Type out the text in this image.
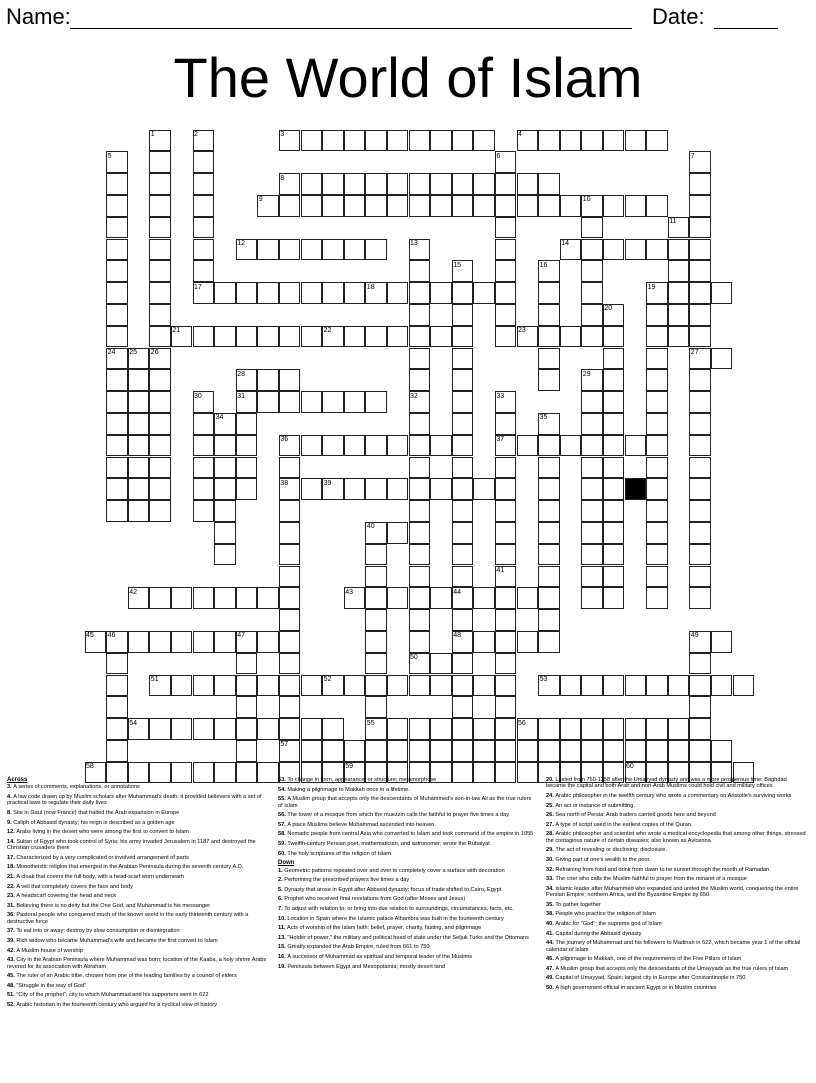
Name:	Date:
The World of Islam
1	2	3	4
5	6	7
8
9	10
11
12	13	14
15	16
17	18	19
20
21	22	23
24 25 26	27
28	29
30	31	32	33
34	35
36	37
38	39
40
41
42	43	44
45 46	47	48	49
50
51	52	53
54	55	56
57
58	59	60
Across
3. A series of comments, explanations, or annotations
4. A law code drawn up by Muslim scholars after Muhammad's death; it provided believers with a set of practical laws to regulate their daily lives
8. Site in Gaul (now France) that halted the Arab expansion in Europe
9. Caliph of Abbasid dynasty; his reign is described as a golden age
12. Arabs living in the desert who were among the first to convert to Islam
14. Sultan of Egypt who took control of Syria; his army invaded Jerusalem in 1187 and destroyed the Christian crusaders there
17. Characterized by a very complicated or involved arrangement of parts
18. Monotheistic religion that emerged in the Arabian Peninsula during the seventh century A.D.
21. A cloak that covers the full body, with a head-scarf worn underneath
22. A veil that completely covers the face and body
23. A headscarf covering the head and neck
31. Believing there is no deity but the One God, and Muhammad is his messanger
36. Pastoral people who conquered much of the known world in the early thirteenth century with a destructive force
37. To eat into or away; destroy by slow consumption or disintegration
39. Rich widow who became Muhammad's wife and became the first convert to Islam
42. A Muslim house of worship
43. City in the Arabian Peninsula where Muhammad was born; location of the Kaaba, a holy shrine Arabs revered for its association with Abraham
45. The ruler of an Arabic tribe, chosen from one of the leading families by a council of elders
48. "Struggle in the way of God"
51. "City of the prophet"; city to which Muhammad and his supporters went in 622
52. Arabic historian in the fourteenth century who argued for a cyclical view of history
53. To change in form, appearance, or structure; metamorphose
54. Making a pilgrimage to Makkah once in a lifetime.
55. A Muslim group that accepts only the descendants of Muhammed's son-in-law Ali as the true rulers of Islam
56. The tower of a mosque from which the muezzin calls the faithful to prayer five times a day
57. A place Muslims believe Muhammad ascended into heaven.
58. Nomadic people from central Asia who converted to Islam and took command of the empire in 1055
59. Twelfth-century Persian poet, mathematician, and astronomer; wrote the Rubaiyat
60. The holy scriptures of the religion of Islam
Down
1. Geometric patterns repeated over and over to completely cover a surface with decoration
2. Performing the prescribed prayers five times a day
5. Dynasty that arose in Egypt after Abbasid dynasty; focus of trade shifted to Cairo, Egypt
6. Prophet who received final revelations from God (after Moses and Jesus)
7. To adjust with relation to, or bring into due relation to surroundings, circumstances, facts, etc.
10. Location in Spain where the Islamic palace Alhambra was built in the fourteenth century
11. Acts of worship of the Islam faith: belief, prayer, charity, fasting, and pilgrimage
13. "Holder of power," the military and political head of state under the Seljuk Turks and the Ottomans
15. Greatly expanded the Arab Empire, ruled from 661 to 750
16. A successor of Muhammad as spiritual and temporal leader of the Muslims
19. Peninsula between Egypt and Mesopotamia; mostly desert land
20. Lasted from 750-1258 after the Umayyad dynasty and was a more prosperous time; Baghdad became the capital and both Arab and non-Arab Muslims could hold civil and military offices
24. Arabic philosopher in the twelfth century who wrote a commentary on Aristotle's surviving works
25. An act or instance of submitting.
26. Sea north of Persia; Arab traders carried goods here and beyond
27. A type of script used in the earliest copies of the Quran.
28. Arabic philosopher and scientist who wrote a medical encyclopedia that among other things, stressed the contagious nature of certain diseases; also known as Avicenna
29. The act of revealing or disclosing; disclosure.
30. Giving part of one's wealth to the poor.
32. Refraining from food and drink from dawn to he sunset through the month of Ramadan.
33. The crier who calls the Muslim faithful to prayer from the minaret of a mosque
34. Islamic leader after Muhammed who expanded and united the Muslim world, conquering the entire Persian Empire; northern Africa, and the Byzantine Empire by 650.
35. To gather together
38. People who practice the religion of Islam
40. Arabic for "God"; the supreme god of Islam
41. Capital during the Abbasid dynasty
44. The journey of Muhammad and his followers to Madinah in 622, which became year 1 of the official calendar of Islam
46. A pilgrimage to Makkah, one of the requirements of the Five Pillars of Islam
47. A Muslim group that accepts only the descendants of the Umayyads as the true rulers of Islam
49. Capital of Umayyad, Spain; largest city in Europe after Constantinople in 750
50. A high government official in ancient Egypt or in Muslim countries
